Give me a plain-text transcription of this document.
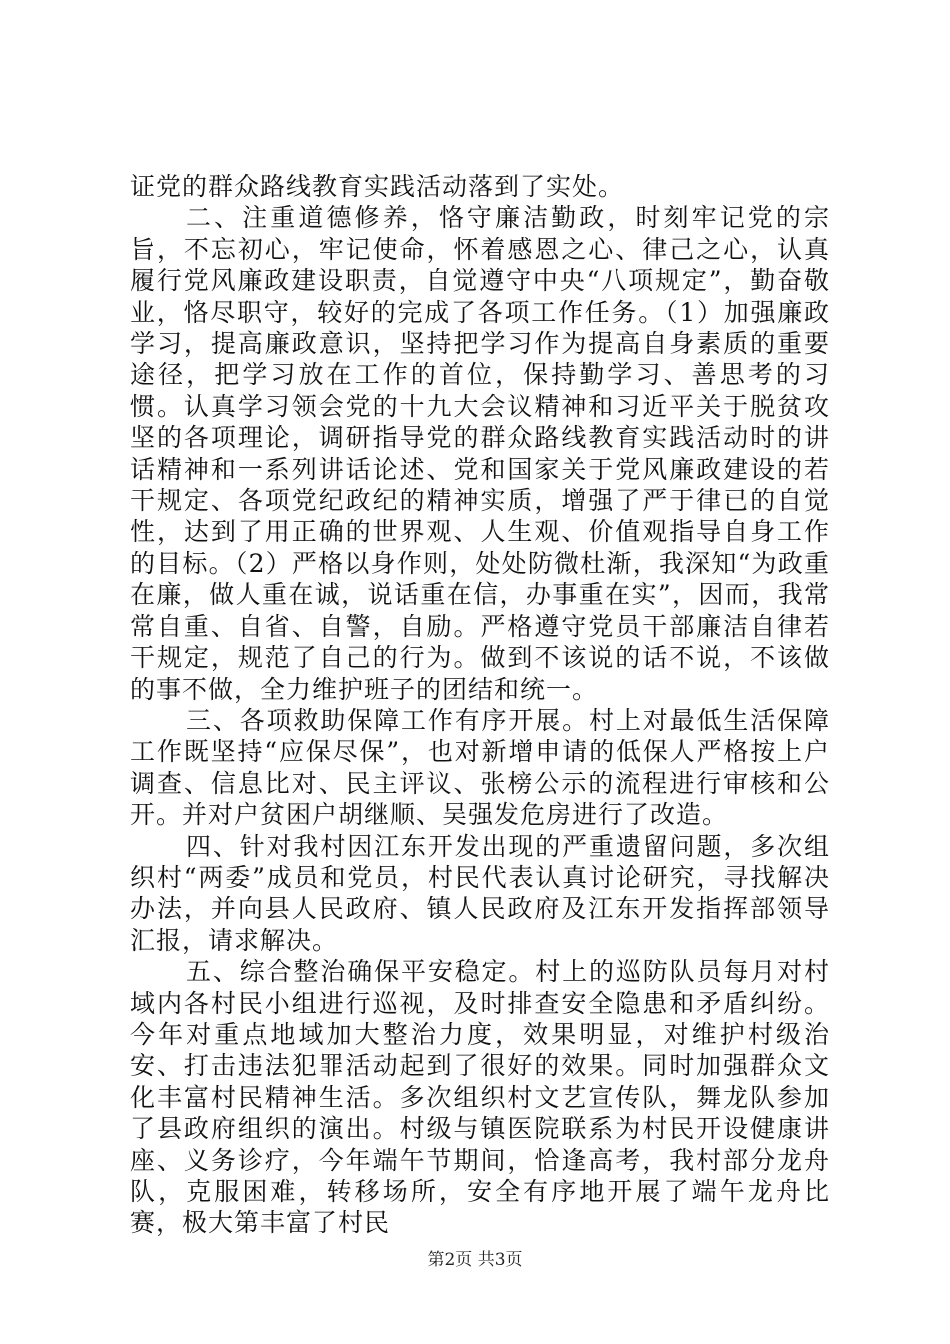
证党的群众路线教育实践活动落到了实处。

二、注重道德修养，恪守廉洁勤政，时刻牢记党的宗旨，不忘初心，牢记使命，怀着感恩之心、律己之心，认真履行党风廉政建设职责，自觉遵守中央“八项规定”，勤奋敬业，恪尽职守，较好的完成了各项工作任务。（1）加强廉政学习，提高廉政意识，坚持把学习作为提高自身素质的重要途径，把学习放在工作的首位，保持勤学习、善思考的习惯。认真学习领会党的十九大会议精神和习近平关于脱贫攻坚的各项理论，调研指导党的群众路线教育实践活动时的讲话精神和一系列讲话论述、党和国家关于党风廉政建设的若干规定、各项党纪政纪的精神实质，增强了严于律已的自觉性，达到了用正确的世界观、人生观、价值观指导自身工作的目标。（2）严格以身作则，处处防微杜渐，我深知“为政重在廉，做人重在诚，说话重在信，办事重在实”，因而，我常常自重、自省、自警，自励。严格遵守党员干部廉洁自律若干规定，规范了自己的行为。做到不该说的话不说，不该做的事不做，全力维护班子的团结和统一。

三、各项救助保障工作有序开展。村上对最低生活保障工作既坚持“应保尽保”，也对新增申请的低保人严格按上户调查、信息比对、民主评议、张榜公示的流程进行审核和公开。并对户贫困户胡继顺、吴强发危房进行了改造。

四、针对我村因江东开发出现的严重遗留问题，多次组织村“两委”成员和党员，村民代表认真讨论研究，寻找解决办法，并向县人民政府、镇人民政府及江东开发指挥部领导汇报，请求解决。

五、综合整治确保平安稳定。村上的巡防队员每月对村域内各村民小组进行巡视，及时排查安全隐患和矛盾纠纷。今年对重点地域加大整治力度，效果明显，对维护村级治安、打击违法犯罪活动起到了很好的效果。同时加强群众文化丰富村民精神生活。多次组织村文艺宣传队，舞龙队参加了县政府组织的演出。村级与镇医院联系为村民开设健康讲座、义务诊疗，今年端午节期间，恰逢高考，我村部分龙舟队，克服困难，转移场所，安全有序地开展了端午龙舟比赛，极大第丰富了村民

第2页 共3页
